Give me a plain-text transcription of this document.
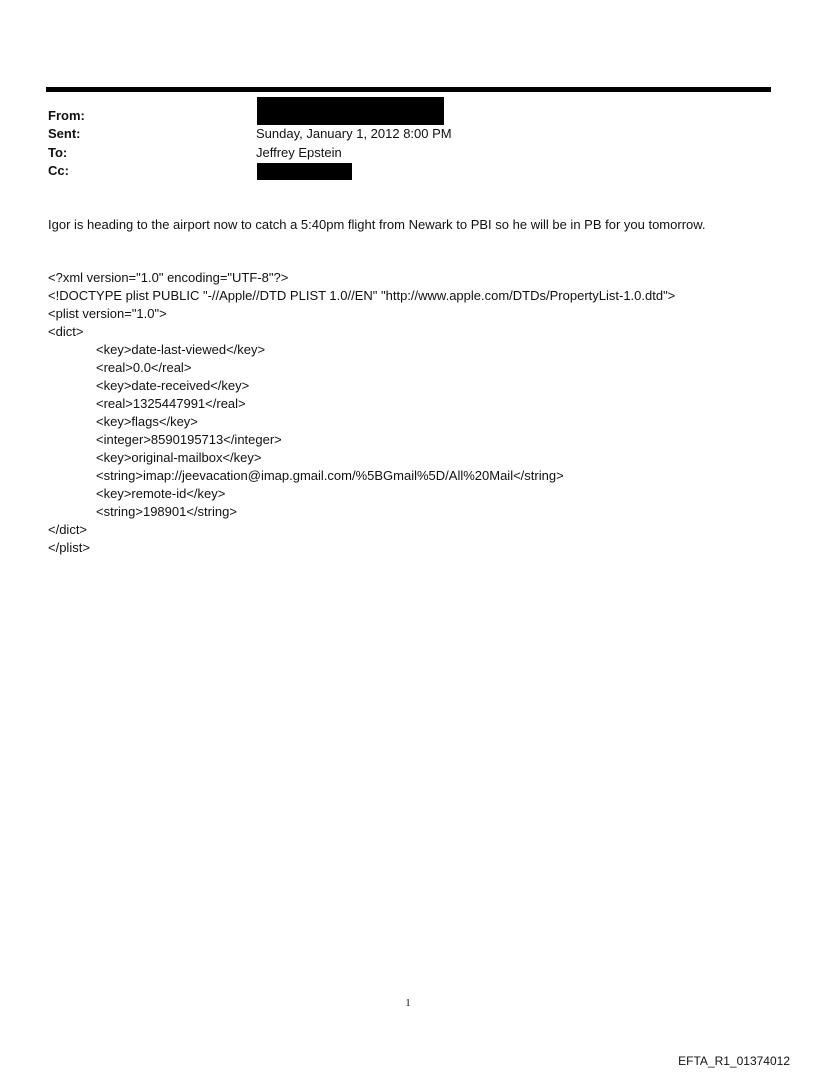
From:
Sent:	Sunday, January 1, 2012 8:00 PM
To:	Jeffrey Epstein
Cc:
Igor is heading to the airport now to catch a 5:40pm flight from Newark to PBI so he will be in PB for you tomorrow.
<?xml version="1.0" encoding="UTF-8"?>
<!DOCTYPE plist PUBLIC "-//Apple//DTD PLIST 1.0//EN" "http://www.apple.com/DTDs/PropertyList-1.0.dtd">
<plist version="1.0">
<dict>
<key>date-last-viewed</key>
<real>0.0</real>
<key>date-received</key>
<real>1325447991</real>
<key>flags</key>
<integer>8590195713</integer>
<key>original-mailbox</key>
<string>imap://jeevacation@imap.gmail.com/%5BGmail%5D/All%20Mail</string>
<key>remote-id</key>
<string>198901</string>
</dict>
</plist>
1
EFTA_R1_01374012
